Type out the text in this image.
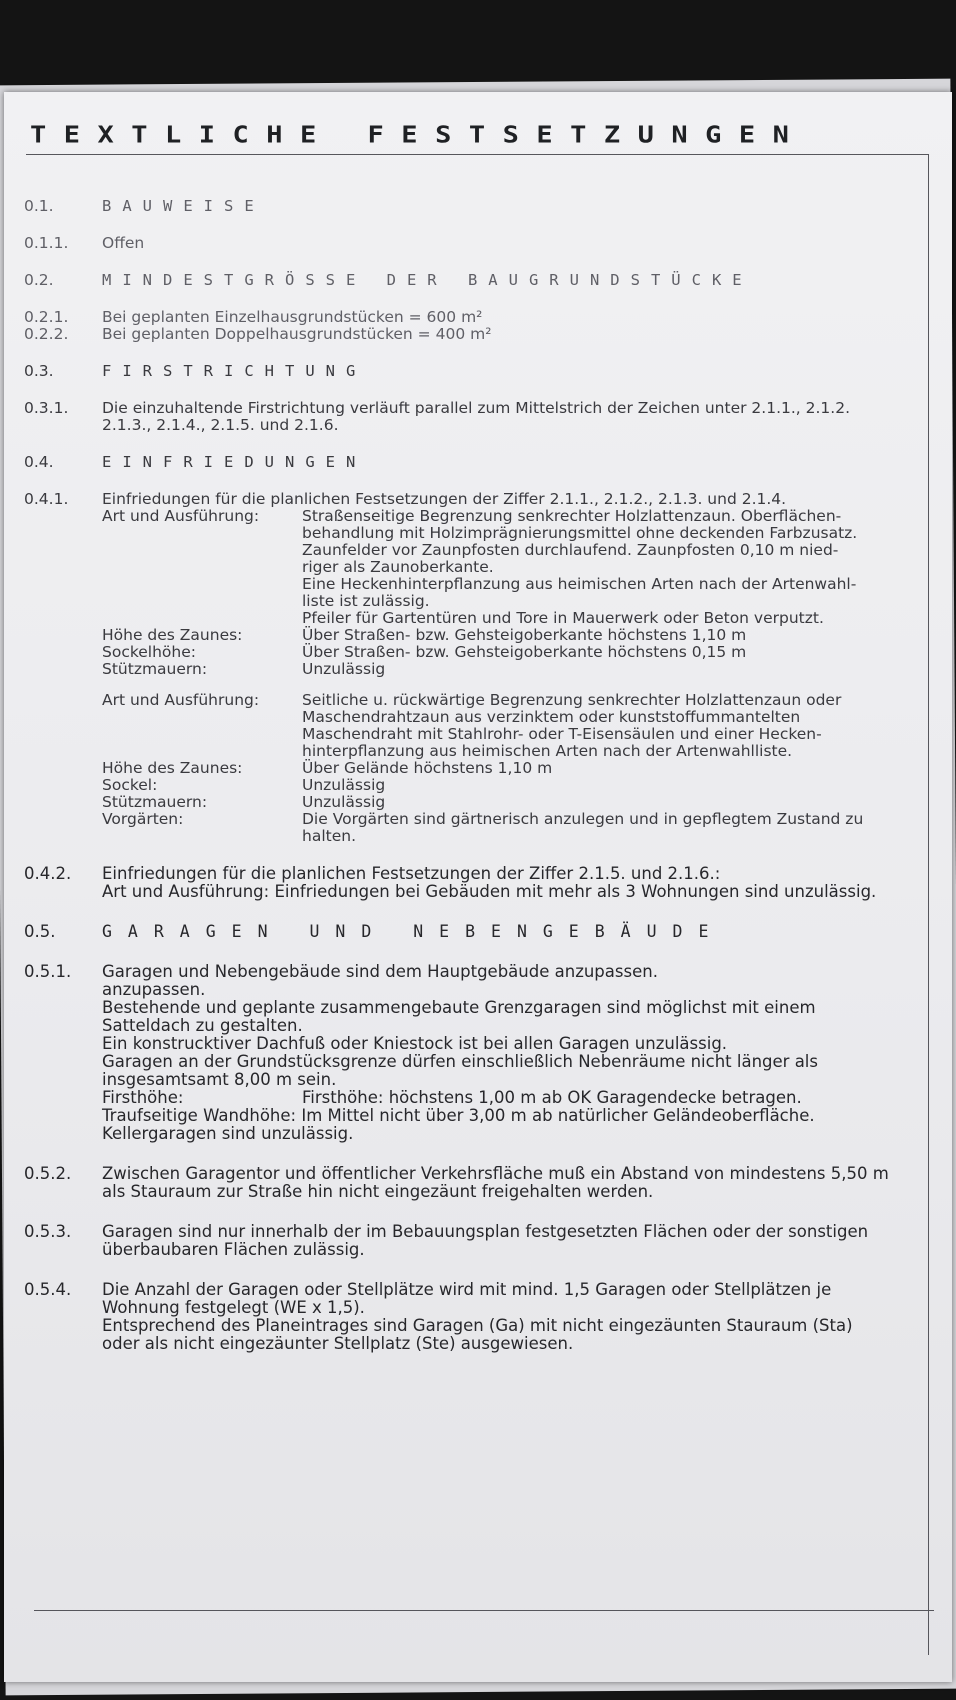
TEXTLICHE FESTSETZUNGEN
0.1.	BAUWEISE
0.1.1.	Offen
0.2.	MINDESTGRÖSSE DER BAUGRUNDSTÜCKE
0.2.1.	Bei geplanten Einzelhausgrundstücken = 600 m²
0.2.2.	Bei geplanten Doppelhausgrundstücken = 400 m²
0.3.	FIRSTRICHTUNG
0.3.1.	Die einzuhaltende Firstrichtung verläuft parallel zum Mittelstrich der Zeichen unter 2.1.1., 2.1.2.
2.1.3., 2.1.4., 2.1.5. und 2.1.6.
0.4.	EINFRIEDUNGEN
0.4.1.	Einfriedungen für die planlichen Festsetzungen der Ziffer 2.1.1., 2.1.2., 2.1.3. und 2.1.4.
Art und Ausführung:	Straßenseitige Begrenzung senkrechter Holzlattenzaun. Oberflächen-
behandlung mit Holzimprägnierungsmittel ohne deckenden Farbzusatz.
Zaunfelder vor Zaunpfosten durchlaufend. Zaunpfosten 0,10 m nied-
riger als Zaunoberkante.
Eine Heckenhinterpflanzung aus heimischen Arten nach der Artenwahl-
liste ist zulässig.
Pfeiler für Gartentüren und Tore in Mauerwerk oder Beton verputzt.
Höhe des Zaunes:	Über Straßen- bzw. Gehsteigoberkante höchstens 1,10 m
Sockelhöhe:	Über Straßen- bzw. Gehsteigoberkante höchstens 0,15 m
Stützmauern:	Unzulässig
Art und Ausführung:	Seitliche u. rückwärtige Begrenzung senkrechter Holzlattenzaun oder
Maschendrahtzaun aus verzinktem oder kunststoffummantelten
Maschendraht mit Stahlrohr- oder T-Eisensäulen und einer Hecken-
hinterpflanzung aus heimischen Arten nach der Artenwahlliste.
Höhe des Zaunes:	Über Gelände höchstens 1,10 m
Sockel:	Unzulässig
Stützmauern:	Unzulässig
Vorgärten:	Die Vorgärten sind gärtnerisch anzulegen und in gepflegtem Zustand zu
halten.
0.4.2.	Einfriedungen für die planlichen Festsetzungen der Ziffer 2.1.5. und 2.1.6.:
Art und Ausführung: Einfriedungen bei Gebäuden mit mehr als 3 Wohnungen sind unzulässig.
0.5.	GARAGEN UND NEBENGEBÄUDE
0.5.1.	Garagen und Nebengebäude sind dem Hauptgebäude anzupassen.
anzupassen.
Bestehende und geplante zusammengebaute Grenzgaragen sind möglichst mit einem
Satteldach zu gestalten.
Ein konstrucktiver Dachfuß oder Kniestock ist bei allen Garagen unzulässig.
Garagen an der Grundstücksgrenze dürfen einschließlich Nebenräume nicht länger als
insgesamtsamt 8,00 m sein.
Firsthöhe:	Firsthöhe: höchstens 1,00 m ab OK Garagendecke betragen.
Traufseitige Wandhöhe: Im Mittel nicht über 3,00 m ab natürlicher Geländeoberfläche.
Kellergaragen sind unzulässig.
0.5.2.	Zwischen Garagentor und öffentlicher Verkehrsfläche muß ein Abstand von mindestens 5,50 m
als Stauraum zur Straße hin nicht eingezäunt freigehalten werden.
0.5.3.	Garagen sind nur innerhalb der im Bebauungsplan festgesetzten Flächen oder der sonstigen
überbaubaren Flächen zulässig.
0.5.4.	Die Anzahl der Garagen oder Stellplätze wird mit mind. 1,5 Garagen oder Stellplätzen je
Wohnung festgelegt (WE x 1,5).
Entsprechend des Planeintrages sind Garagen (Ga) mit nicht eingezäunten Stauraum (Sta)
oder als nicht eingezäunter Stellplatz (Ste) ausgewiesen.
